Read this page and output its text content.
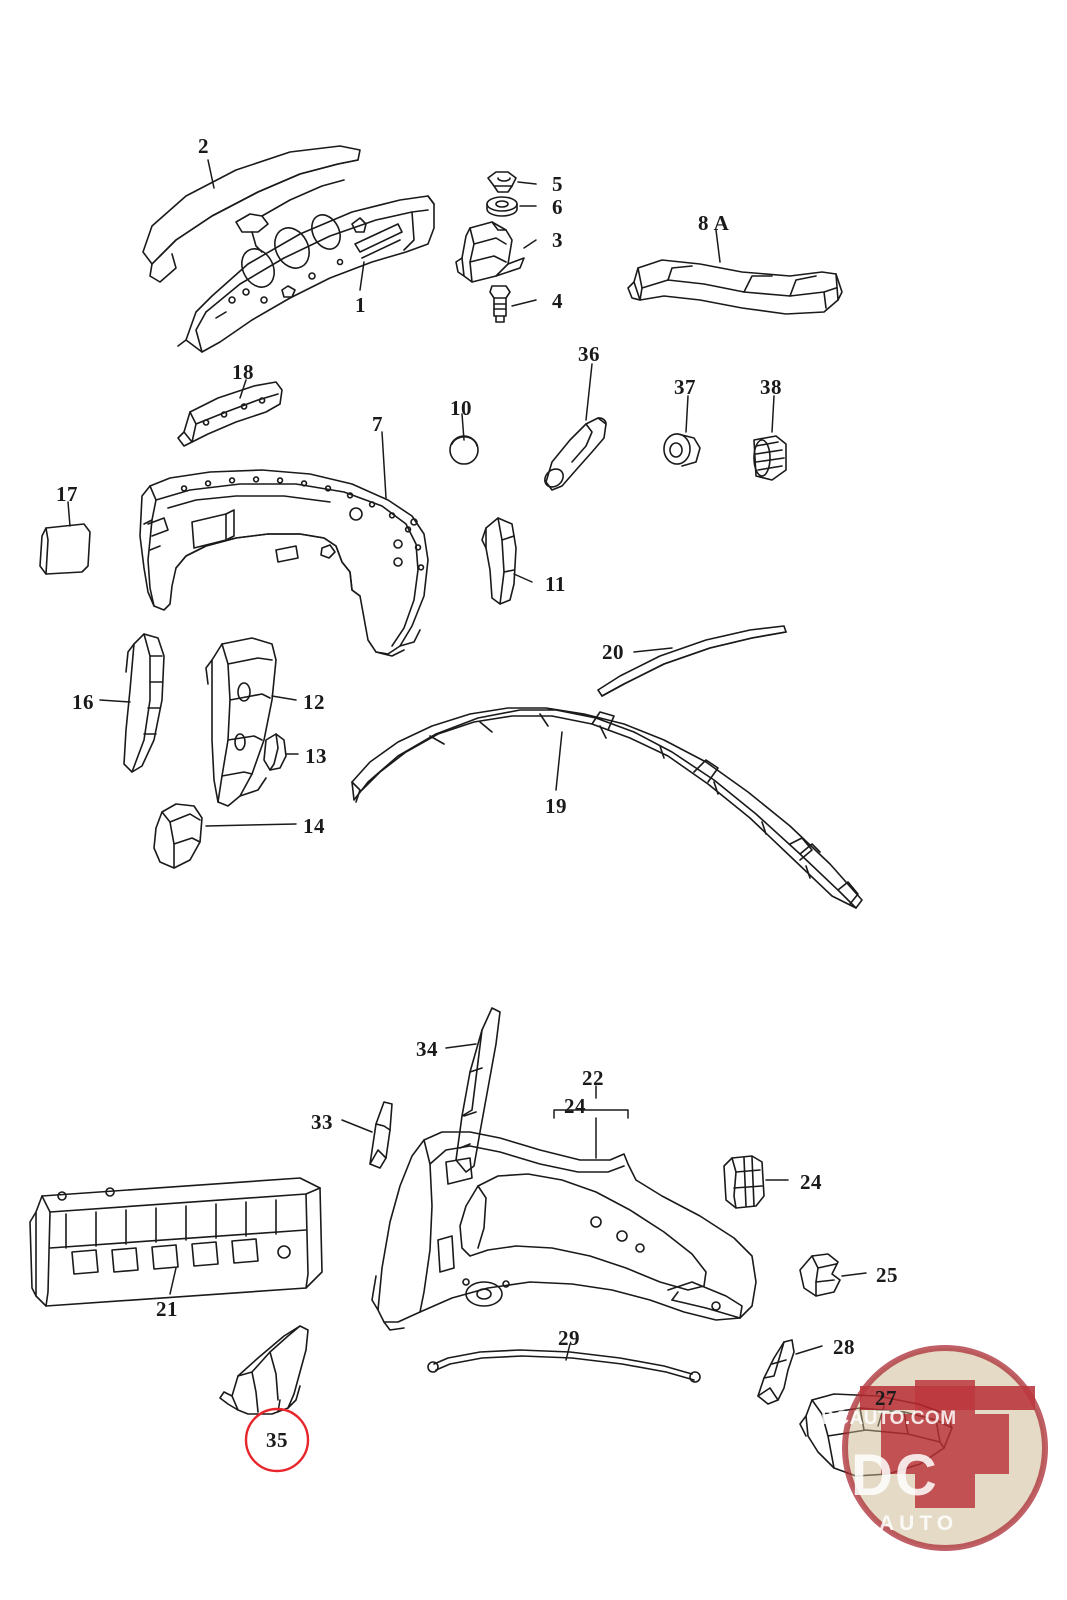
DCAUTO.COM
DC
AUTO
2
5
6
3
4
8 A
1
18
7
10
36
37	38
17
11
16	12
13
14
20
19
34
33
22
24
24
25
21
29	28
27
35
